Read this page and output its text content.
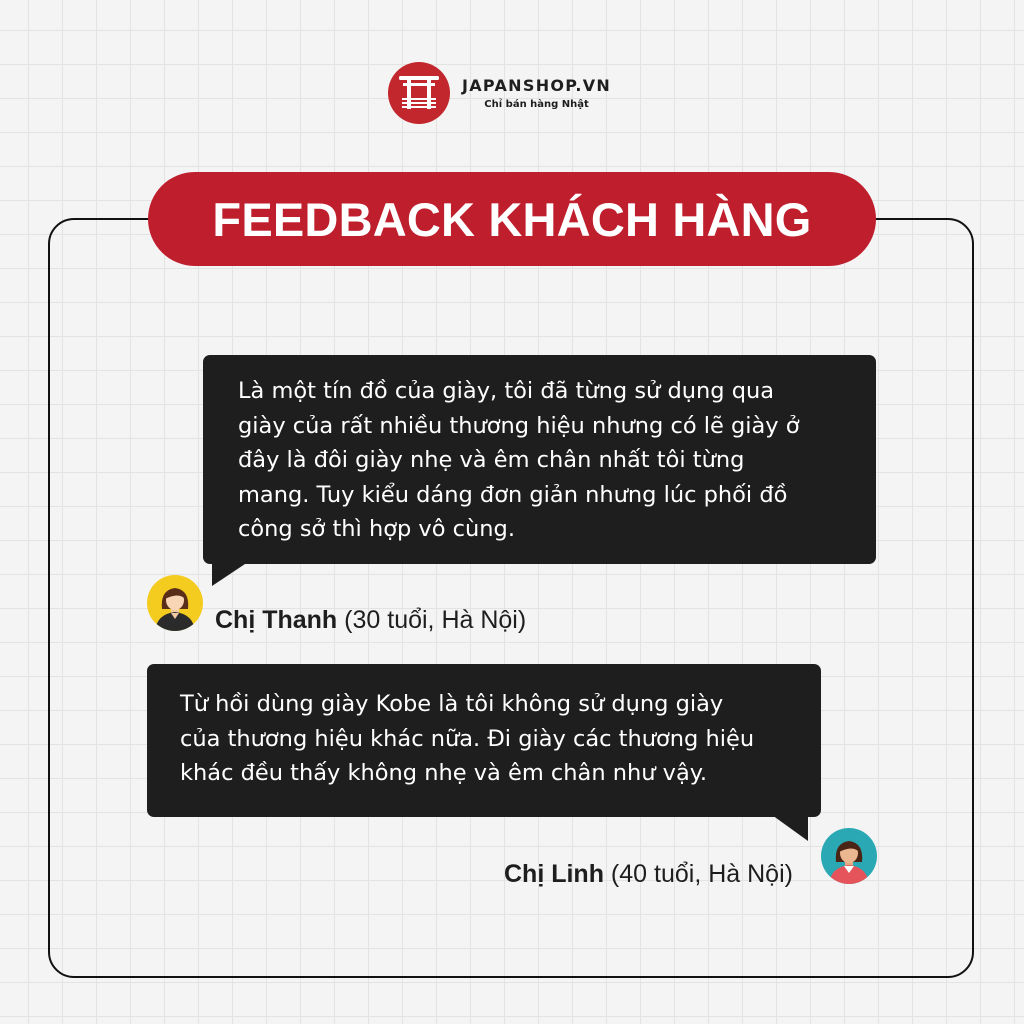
JAPANSHOP.VN
Chỉ bán hàng Nhật
FEEDBACK KHÁCH HÀNG
Là một tín đồ của giày, tôi đã từng sử dụng qua
giày của rất nhiều thương hiệu nhưng có lẽ giày ở
đây là đôi giày nhẹ và êm chân nhất tôi từng
mang. Tuy kiểu dáng đơn giản nhưng lúc phối đồ
công sở thì hợp vô cùng.
Chị Thanh (30 tuổi, Hà Nội)
Từ hồi dùng giày Kobe là tôi không sử dụng giày
của thương hiệu khác nữa. Đi giày các thương hiệu
khác đều thấy không nhẹ và êm chân như vậy.
Chị Linh (40 tuổi, Hà Nội)
